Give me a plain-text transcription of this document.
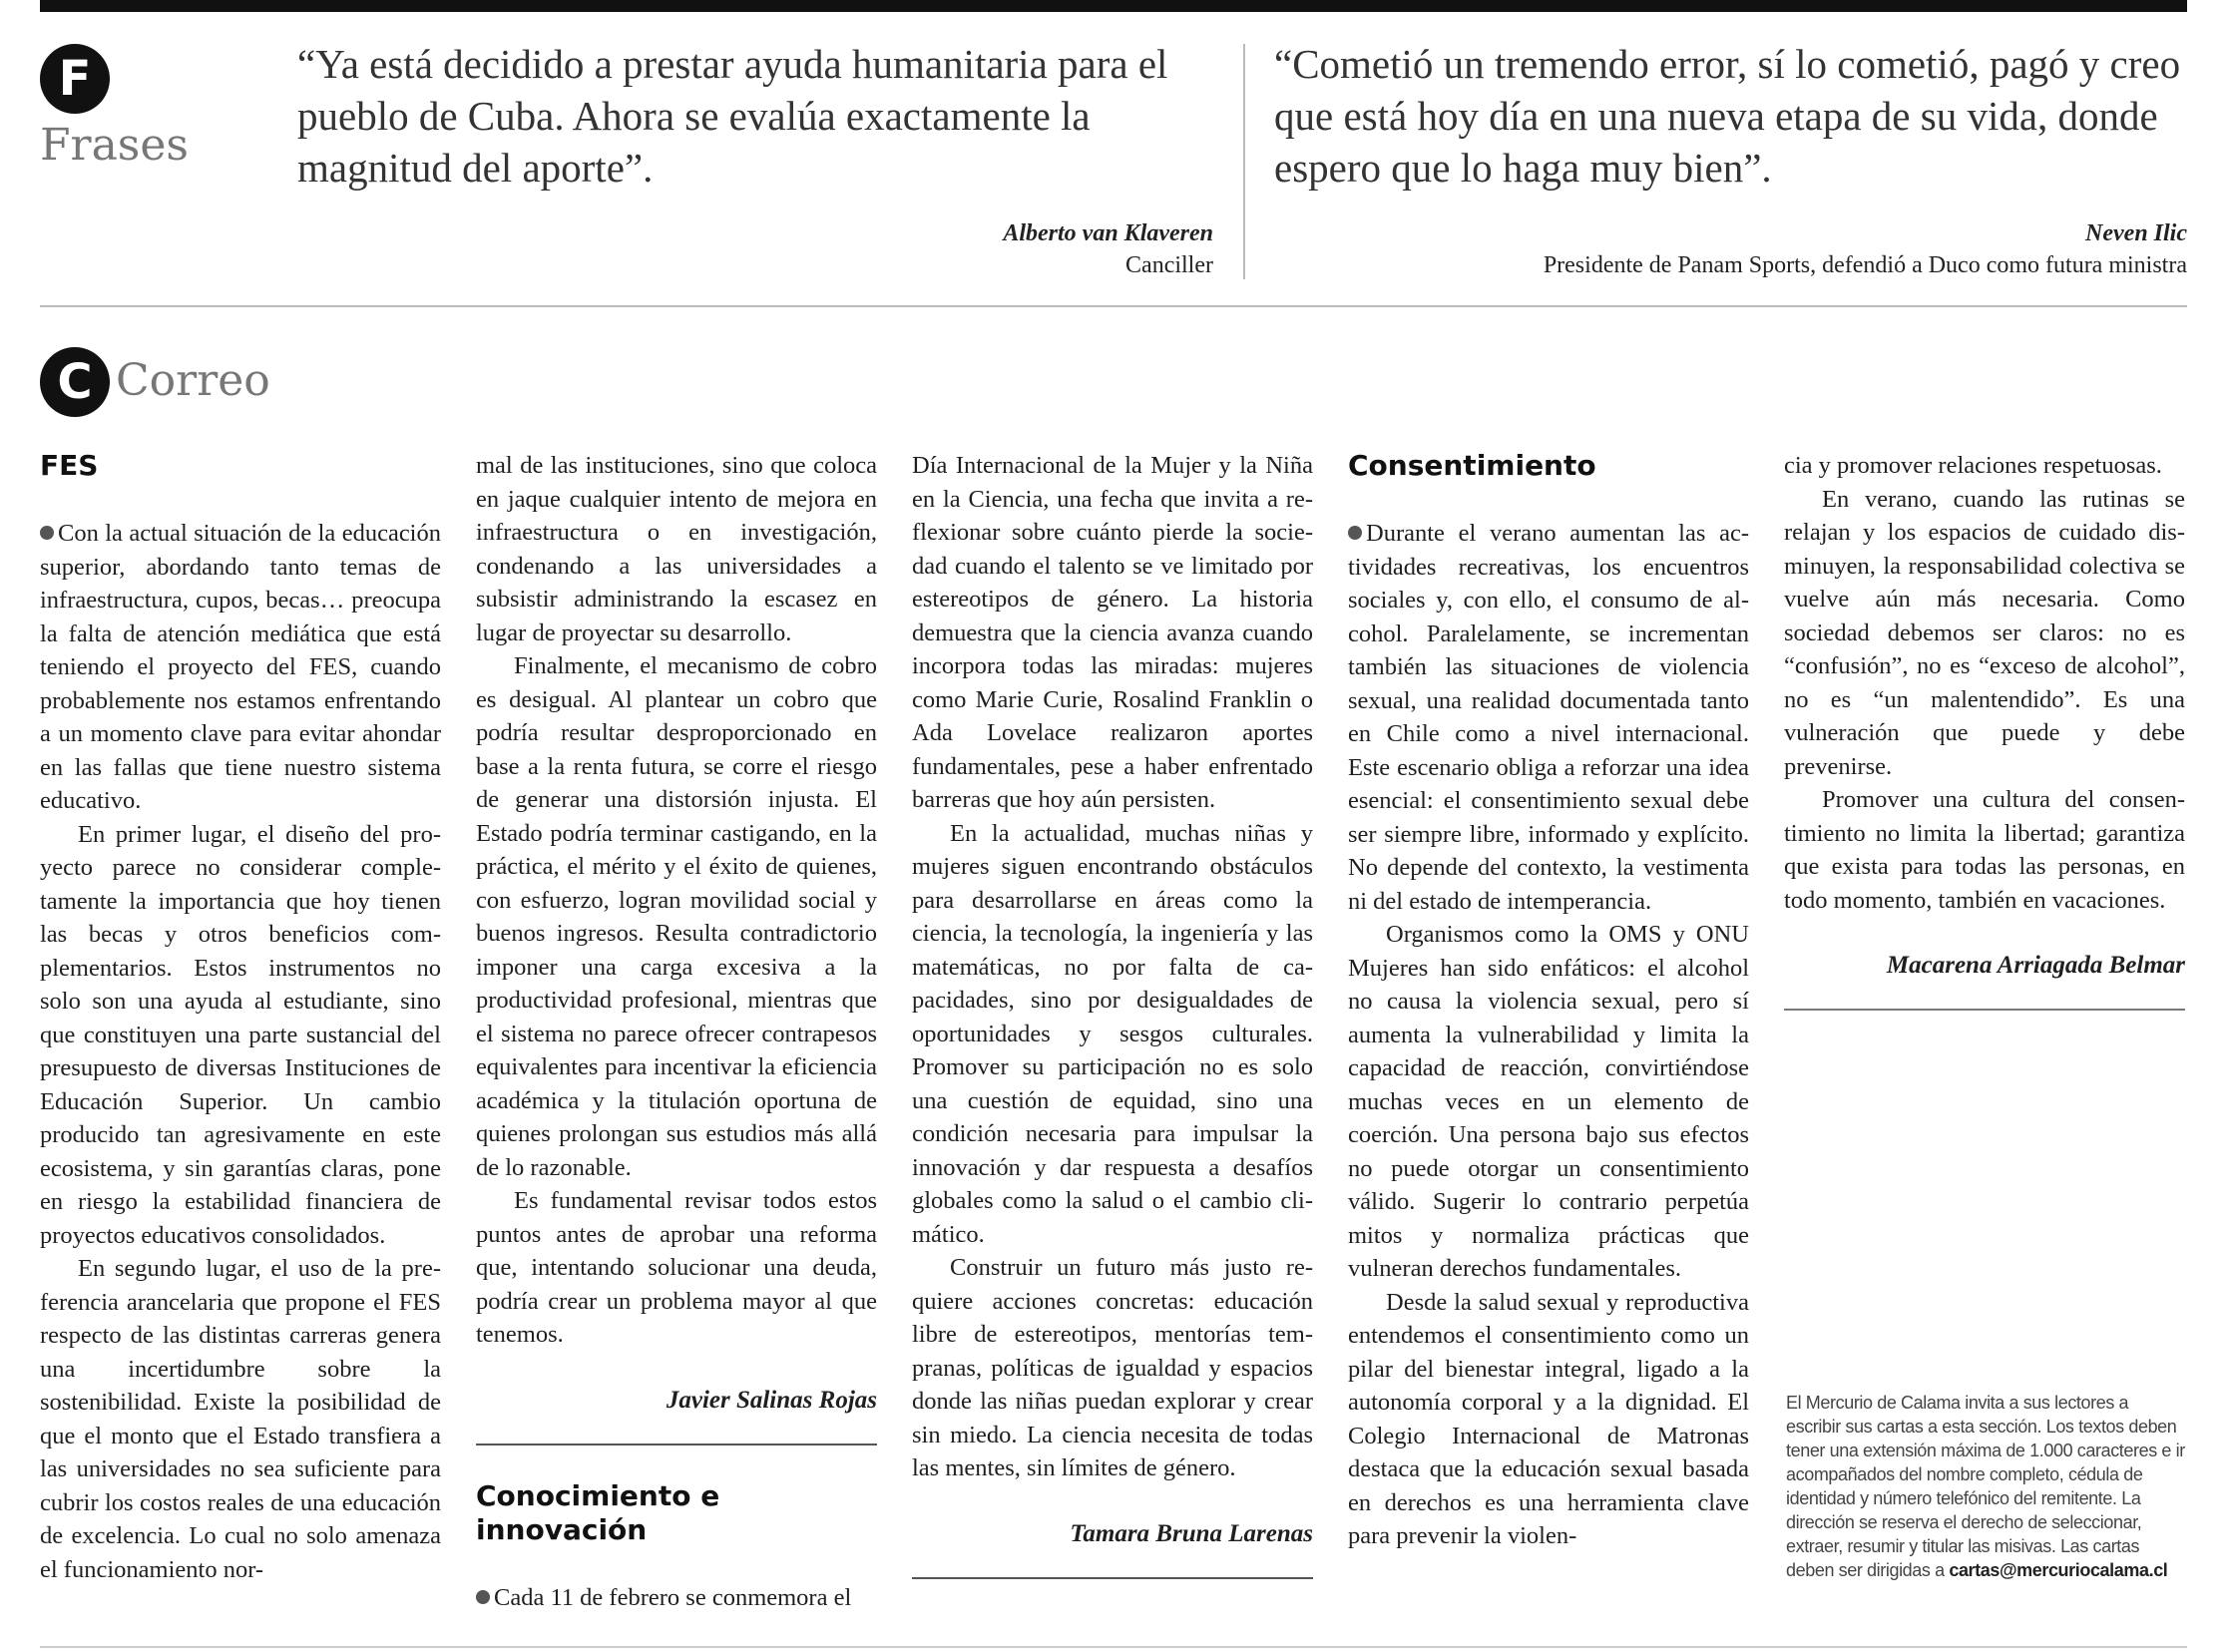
F
Frases

“Ya está decidido a prestar ayuda humanitaria para el pueblo de Cuba. Ahora se evalúa exactamente la magnitud del aporte”.

Alberto van Klaveren
Canciller

“Cometió un tremendo error, sí lo cometió, pagó y creo que está hoy día en una nueva etapa de su vida, donde espero que lo haga muy bien”.

Neven Ilic
Presidente de Panam Sports, defendió a Duco como futura ministra
C Correo
FES

Con la actual situación de la educación superior, abordando tanto temas de infraestructura, cupos, becas… preocupa la falta de atención mediática que está teniendo el proyecto del FES, cuando probablemente nos estamos enfrentando a un momento clave para evitar ahondar en las fallas que tiene nuestro sistema educativo.

En primer lugar, el diseño del proyecto parece no considerar completamente la importancia que hoy tienen las becas y otros beneficios complementarios. Estos instrumentos no solo son una ayuda al estudiante, sino que constituyen una parte sustancial del presupuesto de diversas Instituciones de Educación Superior. Un cambio producido tan agresivamente en este ecosistema, y sin garantías claras, pone en riesgo la estabilidad financiera de proyectos educativos consolidados.

En segundo lugar, el uso de la preferencia arancelaria que propone el FES respecto de las distintas carreras genera una incertidumbre sobre la sostenibilidad. Existe la posibilidad de que el monto que el Estado transfiera a las universidades no sea suficiente para cubrir los costos reales de una educación de excelencia. Lo cual no solo amenaza el funcionamiento nor-

mal de las instituciones, sino que coloca en jaque cualquier intento de mejora en infraestructura o en investigación, condenando a las universidades a subsistir administrando la escasez en lugar de proyectar su desarrollo.

Finalmente, el mecanismo de cobro es desigual. Al plantear un cobro que podría resultar desproporcionado en base a la renta futura, se corre el riesgo de generar una distorsión injusta. El Estado podría terminar castigando, en la práctica, el mérito y el éxito de quienes, con esfuerzo, logran movilidad social y buenos ingresos. Resulta contradictorio imponer una carga excesiva a la productividad profesional, mientras que el sistema no parece ofrecer contrapesos equivalentes para incentivar la eficiencia académica y la titulación oportuna de quienes prolongan sus estudios más allá de lo razonable.

Es fundamental revisar todos estos puntos antes de aprobar una reforma que, intentando solucionar una deuda, podría crear un problema mayor al que tenemos.

Javier Salinas Rojas
Conocimiento e innovación

Cada 11 de febrero se conmemora el

Día Internacional de la Mujer y la Niña en la Ciencia, una fecha que invita a reflexionar sobre cuánto pierde la sociedad cuando el talento se ve limitado por estereotipos de género. La historia demuestra que la ciencia avanza cuando incorpora todas las miradas: mujeres como Marie Curie, Rosalind Franklin o Ada Lovelace realizaron aportes fundamentales, pese a haber enfrentado barreras que hoy aún persisten.

En la actualidad, muchas niñas y mujeres siguen encontrando obstáculos para desarrollarse en áreas como la ciencia, la tecnología, la ingeniería y las matemáticas, no por falta de capacidades, sino por desigualdades de oportunidades y sesgos culturales. Promover su participación no es solo una cuestión de equidad, sino una condición necesaria para impulsar la innovación y dar respuesta a desafíos globales como la salud o el cambio climático.

Construir un futuro más justo requiere acciones concretas: educación libre de estereotipos, mentorías tempranas, políticas de igualdad y espacios donde las niñas puedan explorar y crear sin miedo. La ciencia necesita de todas las mentes, sin límites de género.

Tamara Bruna Larenas
Consentimiento

Durante el verano aumentan las actividades recreativas, los encuentros sociales y, con ello, el consumo de alcohol. Paralelamente, se incrementan también las situaciones de violencia sexual, una realidad documentada tanto en Chile como a nivel internacional. Este escenario obliga a reforzar una idea esencial: el consentimiento sexual debe ser siempre libre, informado y explícito. No depende del contexto, la vestimenta ni del estado de intemperancia.

Organismos como la OMS y ONU Mujeres han sido enfáticos: el alcohol no causa la violencia sexual, pero sí aumenta la vulnerabilidad y limita la capacidad de reacción, convirtiéndose muchas veces en un elemento de coerción. Una persona bajo sus efectos no puede otorgar un consentimiento válido. Sugerir lo contrario perpetúa mitos y normaliza prácticas que vulneran derechos fundamentales.

Desde la salud sexual y reproductiva entendemos el consentimiento como un pilar del bienestar integral, ligado a la autonomía corporal y a la dignidad. El Colegio Internacional de Matronas destaca que la educación sexual basada en derechos es una herramienta clave para prevenir la violen-

cia y promover relaciones respetuosas.

En verano, cuando las rutinas se relajan y los espacios de cuidado disminuyen, la responsabilidad colectiva se vuelve aún más necesaria. Como sociedad debemos ser claros: no es “confusión”, no es “exceso de alcohol”, no es “un malentendido”. Es una vulneración que puede y debe prevenirse.

Promover una cultura del consentimiento no limita la libertad; garantiza que exista para todas las personas, en todo momento, también en vacaciones.

Macarena Arriagada Belmar
El Mercurio de Calama invita a sus lectores a escribir sus cartas a esta sección. Los textos deben tener una extensión máxima de 1.000 caracteres e ir acompañados del nombre completo, cédula de identidad y número telefónico del remitente. La dirección se reserva el derecho de seleccionar, extraer, resumir y titular las misivas. Las cartas deben ser dirigidas a cartas@mercuriocalama.cl
